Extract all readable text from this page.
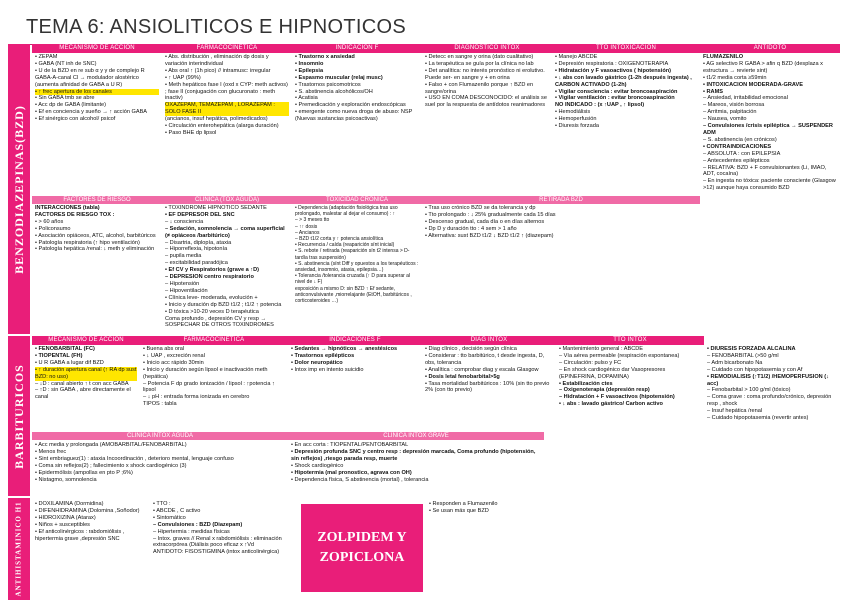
TEMA 6: ANSIOLITICOS E HIPNOTICOS
BENZODIAZEPINAS(BZD)
BARBITURICOS
ANTIHISTAMINICO H1
MECANISMO DE ACCION	FARMACOCINETICA	INDICACION F	DIAGNOSTICO INTOX	TTO INTOXICACION	ANTIDOTO
• ZEPAM
• GABA (NT inh de SNC)
• U de la BZD en re sub α y γ de complejo R GABA-A-canal Cl → modulador alostérico (aumenta afinidad de GABA a U R)
• ↑ frec apertura de los canales
• Sin GABA tmb se abre
• Acc dp de GABA (limitante)
• Ef en conciencia y sueño → ↑ acción GABA
• Ef sinérgico con alcohol/ psicof
• Abs. distribución , eliminación dp dosis y variación interindividual
• Abs oral ↑ (1h pico) // intramusc: irregular
• ↑ UAP (99%)
• Meth hepáticos fase I (oxd x CYP: meth activos) ; fase II (conjugación con glucuronato : meth inactiv)
OXAZEPAM, TEMAZEPAM , LORAZEPAM : SOLO FASE II
(ancianos, insuf hepática, polimedicados)
• Circulación enterohepática (alarga duración)
• Paso BHE dp lipsol
• Trastorno x ansiedad
• Insomnio
• Epilepsia
• Espasmo muscular (relaj musc)
• Trastornos psicomotricos
• S. abstinencia alcohólicos/OH
• Acatisia
• Premedicación y exploración endoscópicas
• emergente como nueva droga de abuso: NSP (Nuevas sustancias psicoactivas)
• Detecc en sangre y orina (dato cualitativo)
• La terapéutica se guía por la clínica no lab
• Det analítica: no interés pronóstico ni erolutivo. Puede ser- en sangre y + en orina
• Falso + con Flumazenilo porque ↑ BZD en sangre/orina
• USO EN COMA DESCONOCIDO: el análisis se suel por la respuesta de antídotos reanimadores
• Manejo ABCDE
• Depresión respiratoria : OXIGENOTERAPIA
• Hidratación y F vasoactivos ( hipotensión)
• ↓ abs con lavado gástrico (1-2h después ingesta) , CARBON ACTIVADO (1-2h)
• Vigilar consciencia : evitar broncoaspiración
• Vigilar ventilación : evitar broncoaspiración
NO INDICADO : (x ↑UAP , ↑ lipsol)
• Hemodiálisis
• Hemoperfusión
• Diuresis forzada
FLUMAZENILO
• AG selectivo R GABA > afin q BZD (desplaza x estructura → revierte sint)
• t1/2 media corta ≥59min
• INTOXICACION MODERADA-GRAVE
• RAMS
– Ansiedad, irritabilidad emocional
– Mareos, visión borrosa
– Arritmia, palpitación
– Nausea, vomito
– Convulsiones /crisis epiléptica → SUSPENDER ADM
– S. abstinencia (en crónicos)
• CONTRAINDICACIONES
– ABSOLUTA : con EPILEPSIA
– Antecedentes epilépticos
– RELATIVA: BZD + F convulsionantes (Li, IMAO, ADT, cocaína)
– En ingesta no tóxica: paciente consciente (Glasgow >12) aunque haya consumido BZD
FACTORES DE RIESGO	CLINICA (TOX AGUDA)	TOXICIDAD CRONICA	RETIRADA BZD
INTERACCIONES (tabla)
FACTORES DE RIESGO TOX :
• > 60 años
• Policonsumo
• Asociación opiáceos, ATC, alcohol, barbitúricos
• Patología respiratoria (↑ hipo ventilación)
• Patología hepática /renal: ↓ meth y eliminación
• TOXINDROME HIPNOTICO SEDANTE
• EF DEPRESOR DEL SNC
– ↓ consciencia
– Sedación, somnolencia → coma superficial (≠ opiáceos /barbitúrico)
– Disartria, diplopía, ataxia
– Hiporreflexia, hipotonía
– pupila media
– excitabilidad paradójica
• Ef CV y Respiratorios (grave a ↑D)
– DEPRESION centro respiratorio
– Hipotensión
– Hipoventilación
• Clínica leve- moderada, evolución +
• Inicio y duración dp BZD t1/2 ; t1/2 ↑ potencia
• D tóxica >10-20 veces D terapéutica
Coma profundo , depresión CV y resp → SOSPECHAR DE OTROS TOXINDROMES
• Dependencia (adaptación fisiológica tras uso prolongado, malestar al dejar el consumo) : ↑
– > 3 meses tto
– ↑↑ dosis
– Ancianos
– BZD t1/2 corta y ↑ potencia ansiolítica
• Recurrencia / caída (reaparición sínt inicial)
• S. rebote / retirada (reaparición sín t2 intensa > D-tardía tras suspensión)
• S. abstinencia (sínt Diff y opuestos a los terapéuticos : ansiedad, insomnio, ataxia, epilepsia…)
• Tolerancia /tolerancia cruzada (↑ D para superar al nivel de ↓ F)
exposición a mismo D: sin BZD ↑ Ef sedante, anticonvulsivante ,miorrelajante (EtOH, barbitúricos , corticosteroides …)
• Tras uso crónico BZD se da tolerancia y dp
• Tto prolongado : ↓ 25% gradualmente cada 15 días
• Descenso gradual, cada día o en días alternos
• Dp D y duración tto : 4 sem > 1 año
• Alternativa: sust BZD t1/2 ↓ BZD t1/2 ↑ (diazepam)
MECANISMO DE ACCION	FARMACOCINETICA	INDICACIONES F	DIAG INTOX	TTO INTOX
• FENOBARBITAL (FC)
• TIOPENTAL (FH)
• U R GABA a lugar dif BZD
• ↑ duración apertura canal (↑ RA dp sust BZD: no uso)
– ↓D : canal abierto ↑ t con acc GABA
– ↑D : sin GABA , abre directamente el canal
• Buena abs oral
• ↓ UAP , excreción renal
• Inicio acc rápido 30min
• Inicio y duración según lipsol e inactivación meth (hepática)
– Potencia F dp grado ionización / lipsol : ↑potencia ↑ lipsol
– ↓ pH : entrada forma ionizada en cerebro
TIPOS : tabla
• Sedantes → hipnóticos → anestésicos
• Trastornos epilépticos
• Dolor neuropático
• Intox imp en intento suicidio
• Diag clínico , decisión según clínica
• Considerar : tto barbitúrico, t desde ingesta, D, obs, tolerancia
• Analítica : comprobar diag y escala Glasgow
• Dosis letal fenobarbital>5g
• Tasa mortalidad barbitúricos : 10% (sin tto previo 2% (con tto previo)
• Mantenimiento general : ABCDE
– Vía aérea permeable (respiración espontanea)
– Circulación: pulso y FC
– En shock cardiogénico dar Vasopresores (EPINEFRINA, DOPAMINA)
• Estabilización ctes
– Oxigenoterapia (depresión resp)
– Hidratación + F vasoactivos (hipotensión)
• ↓ abs : lavado gástrico/ Carbon activo
• DIURESIS FORZADA ALCALINA
– FENOBARBITAL (>50 g/ml
– Adm bicarbonato Na
– Cuidado con hipopotasemia y con Af
• REMODIALISIS (↑T1/2) /HEMOPERFUSION (↓ acc)
– Fenobarbital > 100 g/ml (tóxico)
– Coma grave : coma profundo/crónico, depresión resp , shock
– Insuf hepática /renal
– Cuidado hipopotasemia (revertir antes)
CLINICA INTOX AGUDA	CLINICA INTOX GRAVE
• Acc media y prolongada (AMOBARBITAL/FENOBARBITAL)
• Menos frec
• Sint embriaguez(1) : ataxia Incoordinación , deterioro mental, lenguaje confuso
• Coma sin reflejos(2) ; fallecimiento x shock cardiogénico (3)
• Epidermólisis (ampollas en pto P ;6%)
• Nistagmo, somnolencia
• En acc corta : TIOPENTAL/PENTOBARBITAL
• Depresión profunda SNC y centro resp : depresión marcada, Coma profundo (hipotensión, sin reflejos) ,riesgo parada resp, muerte
• Shock cardiogénico
• Hipotermia (mal pronostico, agrava con OH)
• Dependencia física, S abstinencia (mortal) , tolerancia
• DOXILAMINA (Dormidina)
• DIFENHIDRAMINA (Dolomina ,Soñodor)
• HIDROXIZINA (Atarax)
• Niños + susceptibles
• Ef anticolinérgicos : rabdomiólisis , hipertermia grave ,depresión SNC
• TTO :
• ABCDE , C activo
• Sintomático
– Convulsiones : BZD (Diazepam)
– Hipertermia : medidas físicas
– Intox. graves // Renal x rabdomiólisis : eliminación extracorpórea (Diálisis poco eficaz x ↑Vd
ANTIDOTO: FISOSTIGMINA (intox anticolinérgica)
ZOLPIDEM Y ZOPICLONA
• Responden a Flumazenilo
• Se usan más que BZD
